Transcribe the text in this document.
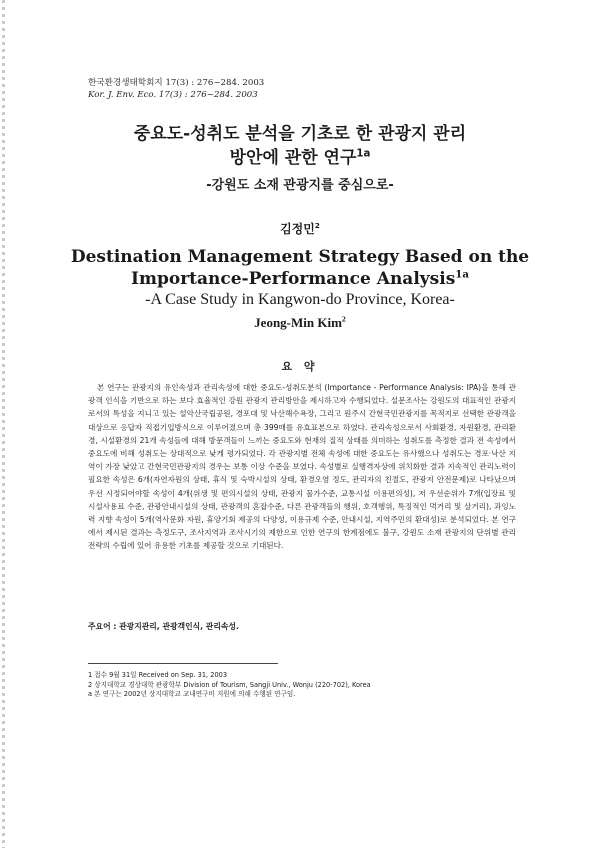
한국환경생태학회지 17(3) : 276~284. 2003
Kor. J. Env. Eco. 17(3) : 276~284. 2003
중요도-성취도 분석을 기초로 한 관광지 관리
방안에 관한 연구$^{1a}$
-강원도 소재 관광지를 중심으로-
김정민$^2$
Destination Management Strategy Based on the
Importance-Performance Analysis$^{1a}$
-A Case Study in Kangwon-do Province, Korea-
Jeong-Min Kim$^2$
요 약
본 연구는 관광지의 유인속성과 관리속성에 대한 중요도-성취도분석 (Importance - Performance Analysis: IPA)을 통해 관광객 인식을 기반으로 하는 보다 효율적인 강원 관광지 관리방안을 제시하고자 수행되었다. 설문조사는 강원도의 대표적인 관광지로서의 특성을 지니고 있는 설악산국립공원, 경포대 및 낙산해수욕장, 그리고 원주시 간현국민관광지를 목적지로 선택한 관광객을 대상으로 응답자 직접기입방식으로 이루어졌으며 총 399매를 유효표본으로 하였다. 관리속성으로서 사회환경, 자원환경, 관리환경, 시설환경의 21개 속성들에 대해 방문객들이 느끼는 중요도와 현재의 질적 상태를 의미하는 성취도를 측정한 결과 전 속성에서 중요도에 비해 성취도는 상대적으로 낮게 평가되었다. 각 관광지별 전체 속성에 대한 중요도는 유사했으나 성취도는 경포·낙산 지역이 가장 낮았고 간현국민관광지의 경우는 보통 이상 수준을 보였다. 속성별로 실행격자상에 위치화한 결과 지속적인 관리노력이 필요한 속성은 6개(자연자원의 상태, 휴식 및 숙박시설의 상태, 환경오염 정도, 관리자의 친절도, 관광지 안전문제)로 나타났으며 우선 시정되어야할 속성이 4개(위생 및 편의시설의 상태, 관광지 물가수준, 교통시설 이용편의성), 저 우선순위가 7개(입장료 및 시설사용료 수준, 관광안내시설의 상태, 관광객의 혼잡수준, 다른 관광객들의 행위, 호객행위, 특징적인 먹거리 및 살거리), 과잉노력 지향 속성이 5개(역사문화 자원, 휴양기회 제공의 다양성, 이용규제 수준, 안내시설, 지역주민의 환대성)로 분석되었다. 본 연구에서 제시된 결과는 측정도구, 조사지역과 조사시기의 제한으로 인한 연구의 한계점에도 불구, 강원도 소재 관광지의 단위별 관리전략의 수립에 있어 유용한 기초를 제공할 것으로 기대된다.
주요어 : 관광지관리, 관광객인식, 관리속성.
1 접수 9월 31일 Received on Sep. 31, 2003
2 상지대학교 경상대학 관광학부 Division of Tourism, Sangji Univ., Wonju (220-702), Korea
a 본 연구는 2002년 상지대학교 교내연구비 지원에 의해 수행된 연구임.
